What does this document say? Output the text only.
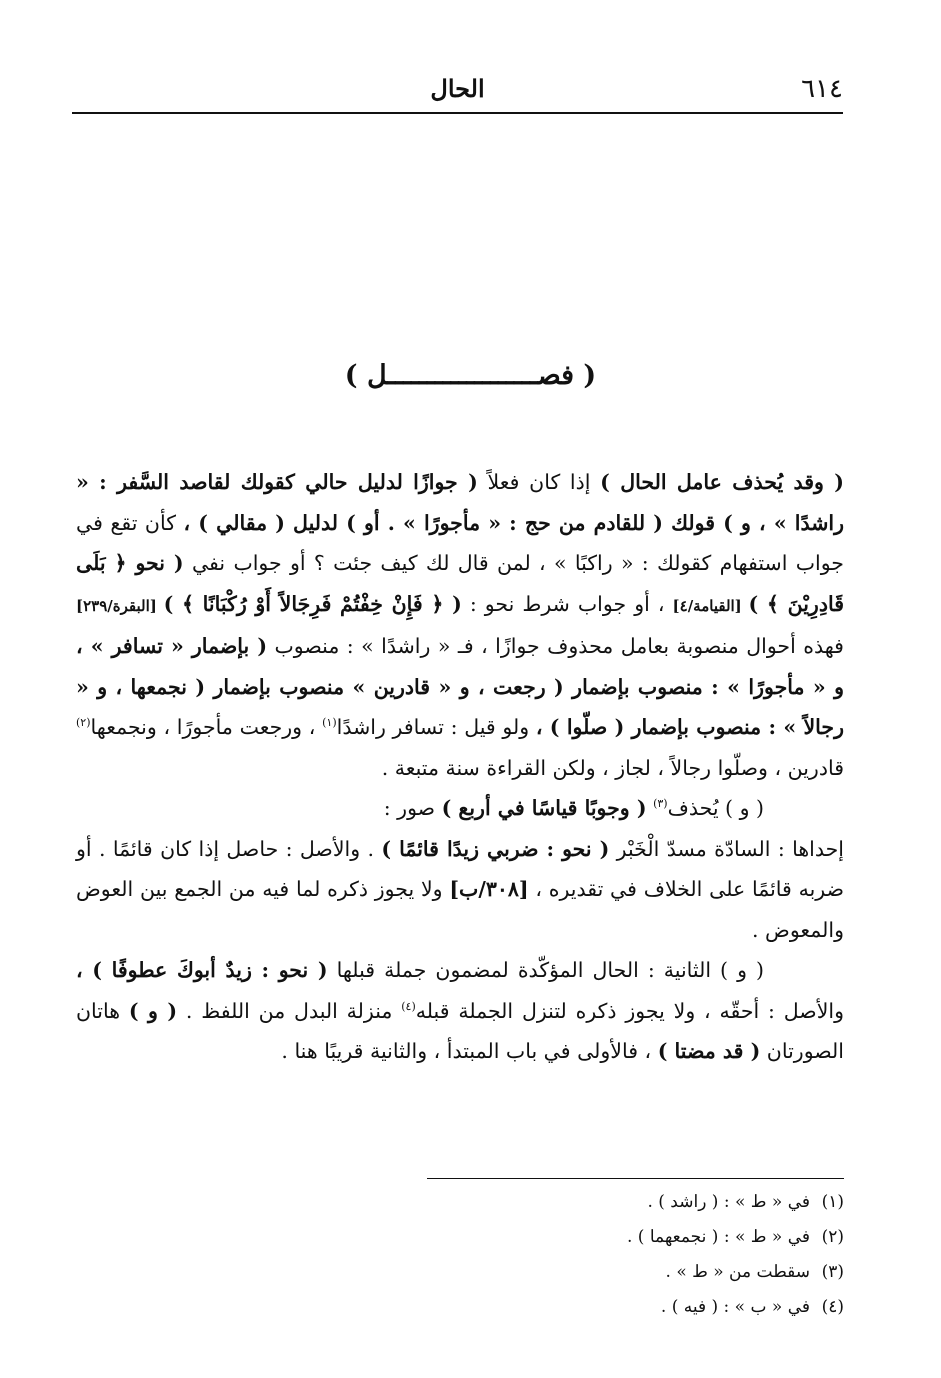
٦١٤
الحال
( فصـــــــــــــــــــل )

( وقد يُحذف عامل الحال ) إذا كان فعلاً ( جوازًا لدليل حالي كقولك لقاصد السَّفر : « راشدًا » ، و ) قولك ( للقادم من حج : « مأجورًا » . أو ) لدليل ( مقالي ) ، كأن تقع في جواب استفهام كقولك : « راكبًا » ، لمن قال لك كيف جئت ؟ أو جواب نفي ( نحو ﴿ بَلَى قَادِرِيْنَ ﴾ ) [القيامة/٤] ، أو جواب شرط نحو : ( ﴿ فَإِنْ خِفْتُمْ فَرِجَالاً أَوْ رُكْبَانًا ﴾ ) [البقرة/٢٣٩] فهذه أحوال منصوبة بعامل محذوف جوازًا ، فـ « راشدًا » : منصوب ( بإضمار « تسافر » ، و « مأجورًا » : منصوب بإضمار ( رجعت ، و « قادرين » منصوب بإضمار ( نجمعها ، و « رجالاً » : منصوب بإضمار ( صلّوا ) ، ولو قيل : تسافر راشدًا$^{(١)}$ ، ورجعت مأجورًا ، ونجمعها$^{(٢)}$ قادرين ، وصلّوا رجالاً ، لجاز ، ولكن القراءة سنة متبعة .

( و ) يُحذف$^{(٣)}$ ( وجوبًا قياسًا في أربع ) صور :

إحداها : السادّة مسدّ الْخَبْر ( نحو : ضربي زيدًا قائمًا ) . والأصل : حاصل إذا كان قائمًا . أو ضربه قائمًا على الخلاف في تقديره ، [٣٠٨/ب] ولا يجوز ذكره لما فيه من الجمع بين العوض والمعوض .

( و ) الثانية : الحال المؤكّدة لمضمون جملة قبلها ( نحو : زيدٌ أبوكَ عطوفًا ) ، والأصل : أحقّه ، ولا يجوز ذكره لتنزل الجملة قبله$^{(٤)}$ منزلة البدل من اللفظ . ( و ) هاتان الصورتان ( قد مضتا ) ، فالأولى في باب المبتدأ ، والثانية قريبًا هنا .

(١)
في « ط » : ( راشد ) .
(٢)
في « ط » : ( نجمعهما ) .
(٣)
سقطت من « ط » .
(٤)
في « ب » : ( فيه ) .
